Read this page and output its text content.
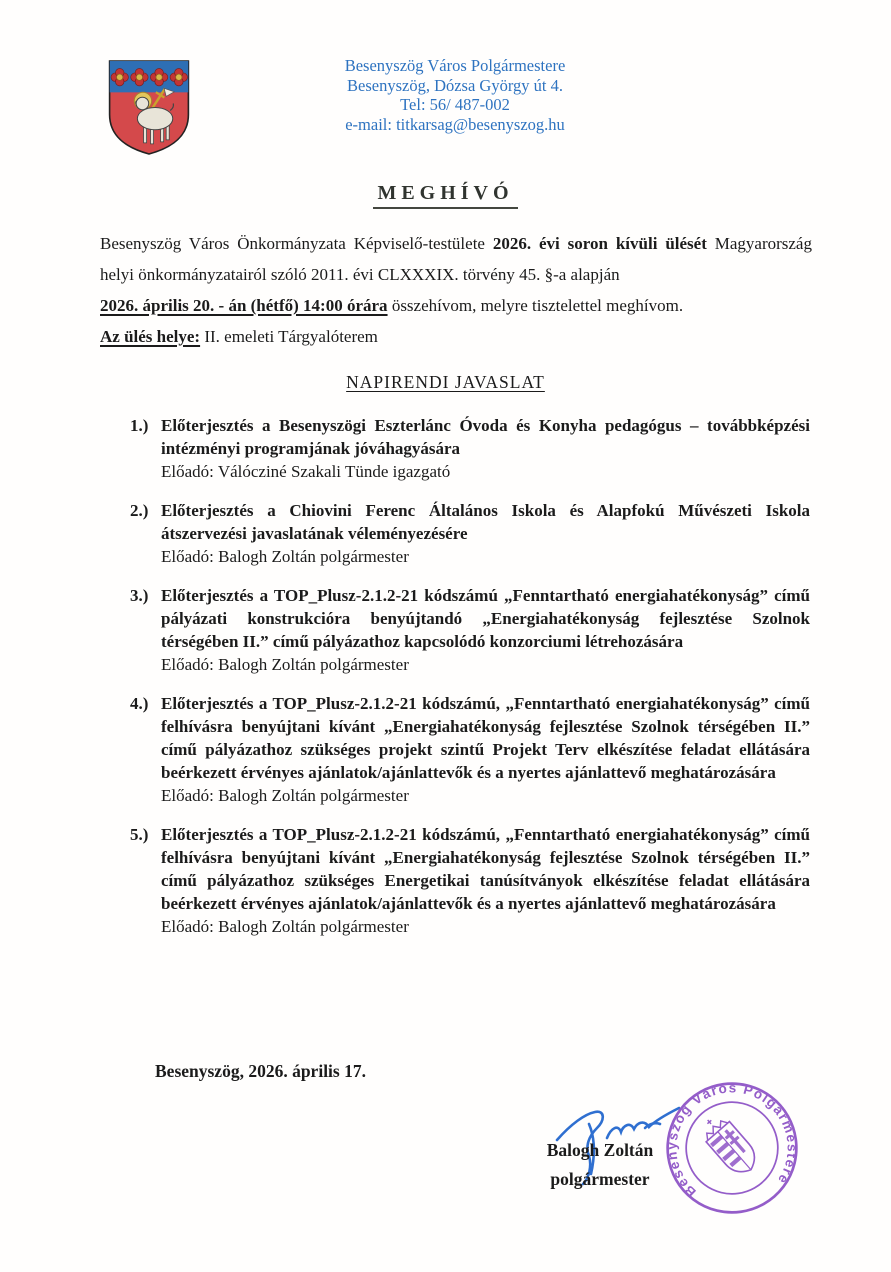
Besenyszög Város Polgármestere
Besenyszög, Dózsa György út 4.
Tel: 56/ 487-002
e-mail: titkarsag@besenyszog.hu
MEGHÍVÓ

Besenyszög Város Önkormányzata Képviselő-testülete 2026. évi soron kívüli ülését Magyarország helyi önkormányzatairól szóló 2011. évi CLXXXIX. törvény 45. §-a alapján
2026. április 20. - án (hétfő) 14:00 órára összehívom, melyre tisztelettel meghívom.

Az ülés helye: II. emeleti Tárgyalóterem

NAPIRENDI JAVASLAT
1.) Előterjesztés a Besenyszögi Eszterlánc Óvoda és Konyha pedagógus – továbbképzési intézményi programjának jóváhagyására
Előadó: Válócziné Szakali Tünde igazgató
2.) Előterjesztés a Chiovini Ferenc Általános Iskola és Alapfokú Művészeti Iskola átszervezési javaslatának véleményezésére
Előadó: Balogh Zoltán polgármester
3.) Előterjesztés a TOP_Plusz-2.1.2-21 kódszámú „Fenntartható energiahatékonyság” című pályázati konstrukcióra benyújtandó „Energiahatékonyság fejlesztése Szolnok térségében II.” című pályázathoz kapcsolódó konzorciumi létrehozására
Előadó: Balogh Zoltán polgármester
4.) Előterjesztés a TOP_Plusz-2.1.2-21 kódszámú, „Fenntartható energiahatékonyság” című felhívásra benyújtani kívánt „Energiahatékonyság fejlesztése Szolnok térségében II.” című pályázathoz szükséges projekt szintű Projekt Terv elkészítése feladat ellátására beérkezett érvényes ajánlatok/ajánlattevők és a nyertes ajánlattevő meghatározására
Előadó: Balogh Zoltán polgármester
5.) Előterjesztés a TOP_Plusz-2.1.2-21 kódszámú, „Fenntartható energiahatékonyság” című felhívásra benyújtani kívánt „Energiahatékonyság fejlesztése Szolnok térségében II.” című pályázathoz szükséges Energetikai tanúsítványok elkészítése feladat ellátására beérkezett érvényes ajánlatok/ajánlattevők és a nyertes ajánlattevő meghatározására
Előadó: Balogh Zoltán polgármester
Besenyszög, 2026. április 17.
Balogh Zoltán
polgármester
Besenyszög Város Polgármestere
